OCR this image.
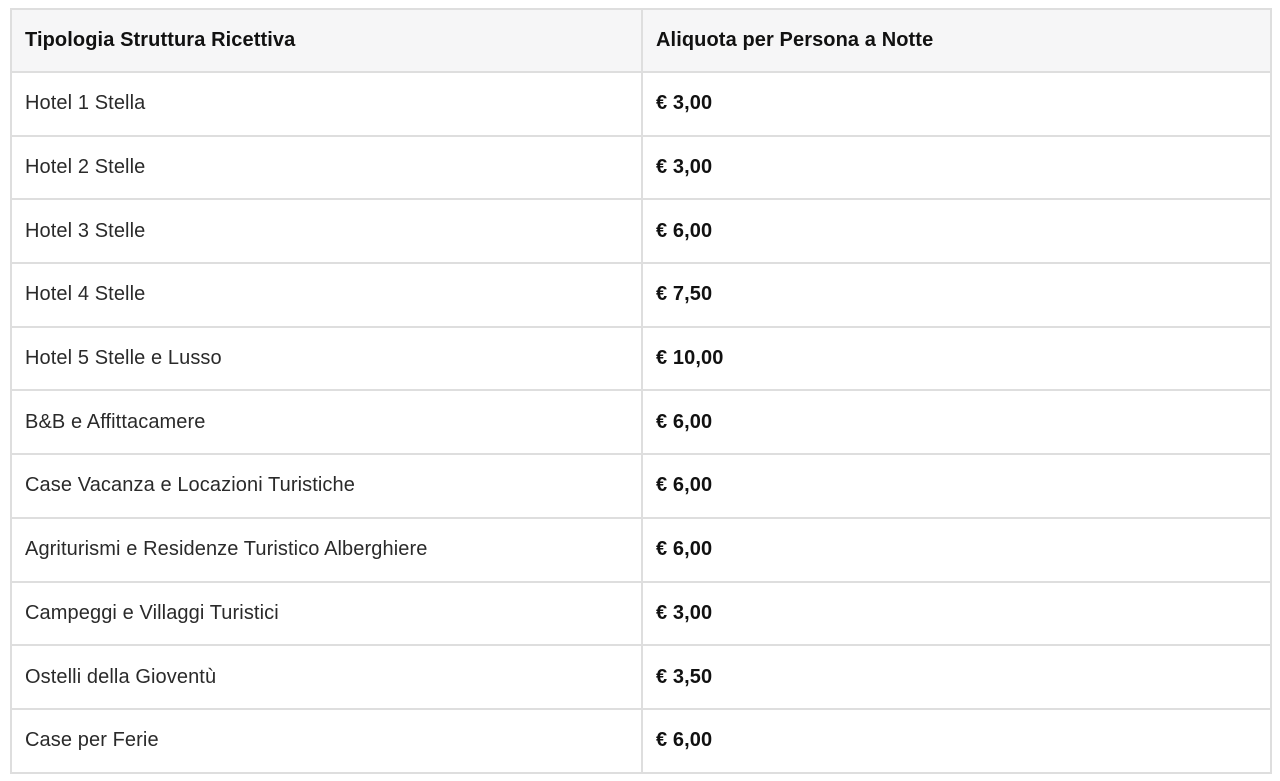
Tipologia Struttura Ricettiva	Aliquota per Persona a Notte
Hotel 1 Stella	€ 3,00
Hotel 2 Stelle	€ 3,00
Hotel 3 Stelle	€ 6,00
Hotel 4 Stelle	€ 7,50
Hotel 5 Stelle e Lusso	€ 10,00
B&B e Affittacamere	€ 6,00
Case Vacanza e Locazioni Turistiche	€ 6,00
Agriturismi e Residenze Turistico Alberghiere	€ 6,00
Campeggi e Villaggi Turistici	€ 3,00
Ostelli della Gioventù	€ 3,50
Case per Ferie	€ 6,00
